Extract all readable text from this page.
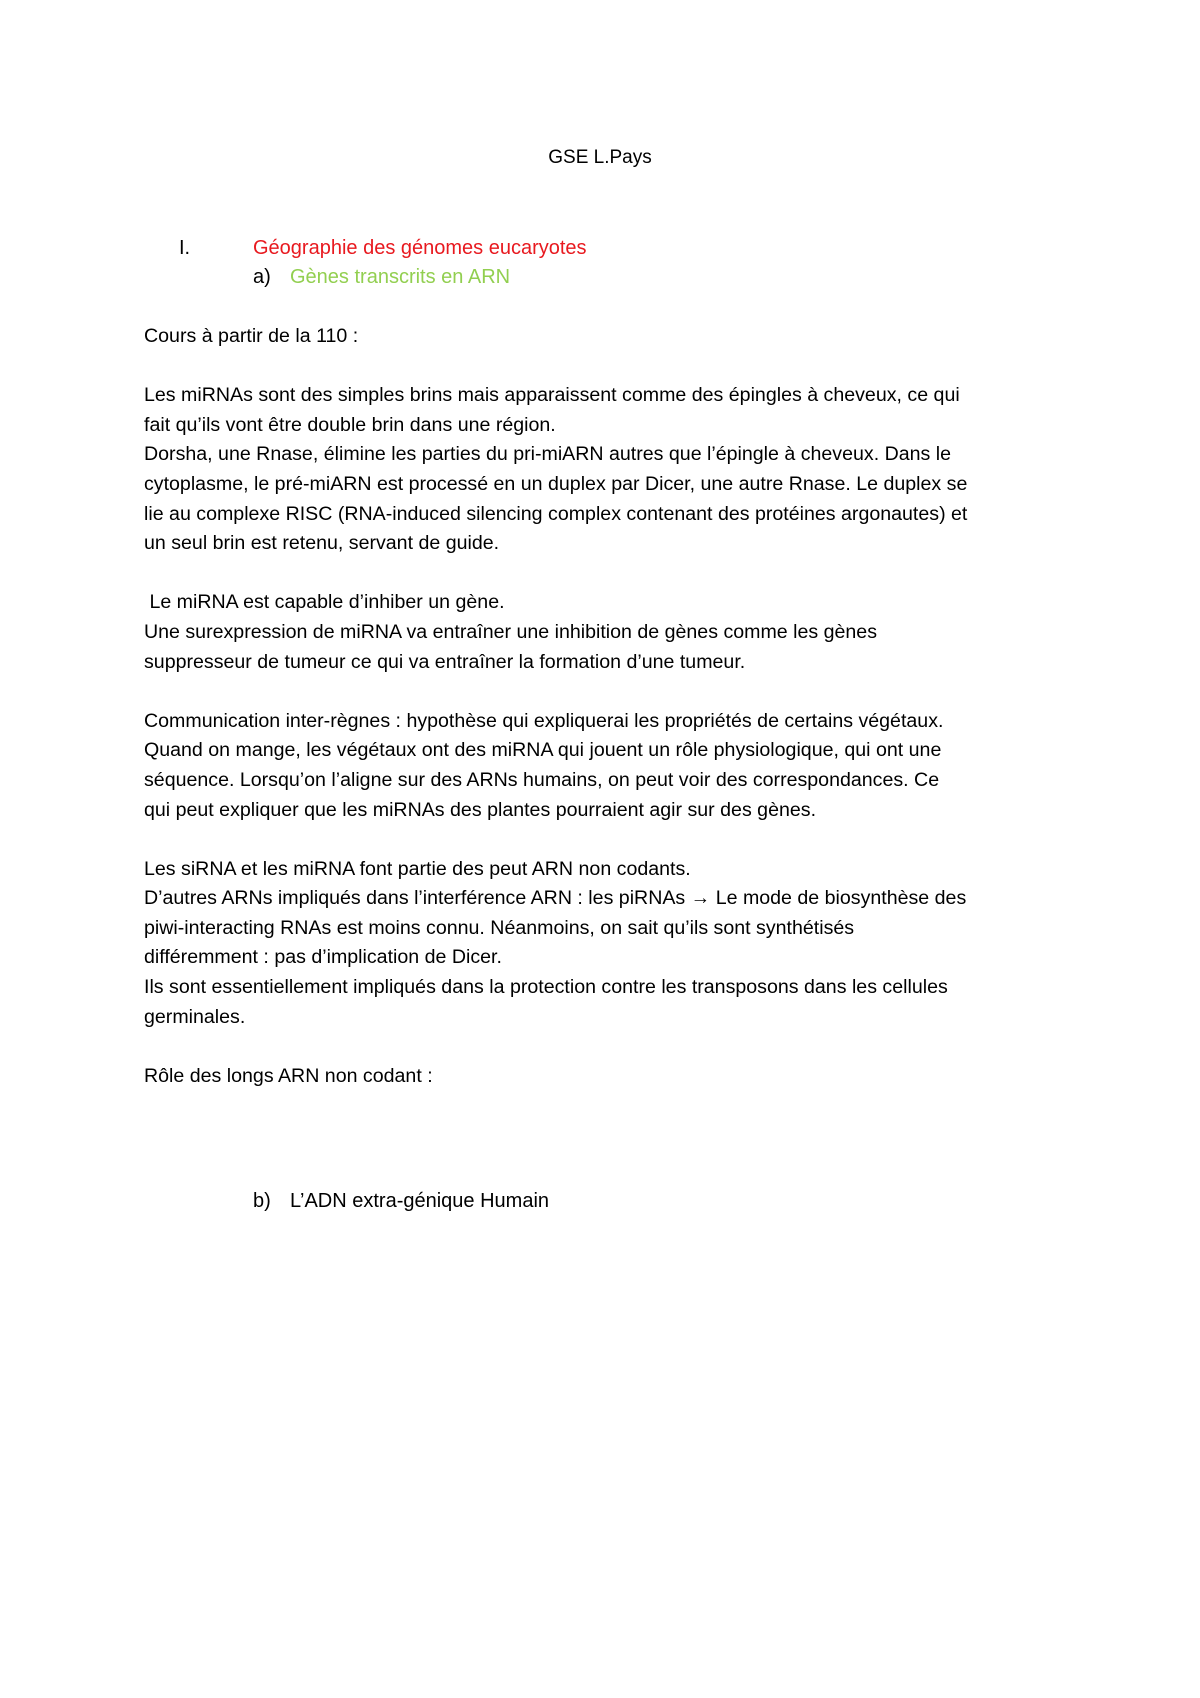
GSE L.Pays
I.	Géographie des génomes eucaryotes
a) Gènes transcrits en ARN

Cours à partir de la 110 :

Les miRNAs sont des simples brins mais apparaissent comme des épingles à cheveux, ce qui

fait qu’ils vont être double brin dans une région.

Dorsha, une Rnase, élimine les parties du pri-miARN autres que l’épingle à cheveux. Dans le

cytoplasme, le pré-miARN est processé en un duplex par Dicer, une autre Rnase. Le duplex se

lie au complexe RISC (RNA-induced silencing complex contenant des protéines argonautes) et

un seul brin est retenu, servant de guide.

Le miRNA est capable d’inhiber un gène.

Une surexpression de miRNA va entraîner une inhibition de gènes comme les gènes

suppresseur de tumeur ce qui va entraîner la formation d’une tumeur.

Communication inter-règnes : hypothèse qui expliquerai les propriétés de certains végétaux.

Quand on mange, les végétaux ont des miRNA qui jouent un rôle physiologique, qui ont une

séquence. Lorsqu’on l’aligne sur des ARNs humains, on peut voir des correspondances. Ce

qui peut expliquer que les miRNAs des plantes pourraient agir sur des gènes.

Les siRNA et les miRNA font partie des peut ARN non codants.

D’autres ARNs impliqués dans l’interférence ARN : les piRNAs → Le mode de biosynthèse des

piwi-interacting RNAs est moins connu. Néanmoins, on sait qu’ils sont synthétisés

différemment : pas d’implication de Dicer.

Ils sont essentiellement impliqués dans la protection contre les transposons dans les cellules

germinales.

Rôle des longs ARN non codant :

b) L’ADN extra-génique Humain
